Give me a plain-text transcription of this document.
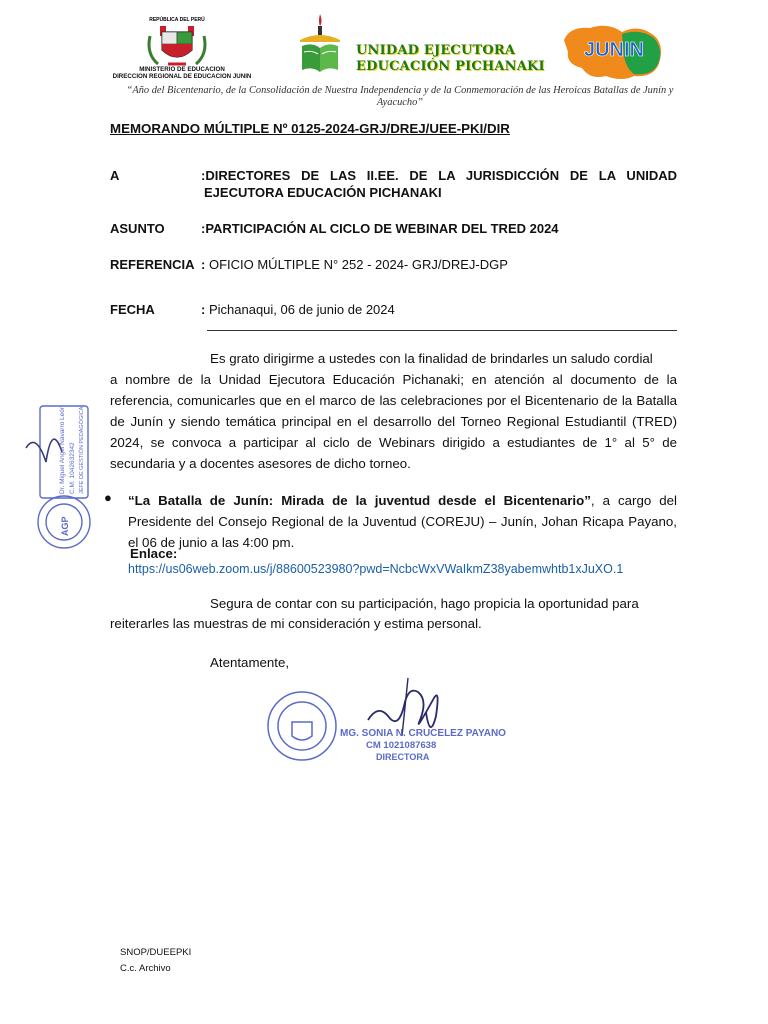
REPÚBLICA DEL PERÚ
MINISTERIO DE EDUCACION
DIRECCION REGIONAL DE EDUCACION JUNIN
UNIDAD EJECUTORA
EDUCACIÓN PICHANAKI
JUNIN
“Año del Bicentenario, de la Consolidación de Nuestra Independencia y de la Conmemoración de las Heroicas Batallas de Junín y Ayacucho”
MEMORANDO MÚLTIPLE Nº 0125-2024-GRJ/DREJ/UEE-PKI/DIR
A	:DIRECTORES DE LAS II.EE. DE LA JURISDICCIÓN DE LA UNIDAD
EJECUTORA EDUCACIÓN PICHANAKI
ASUNTO	:PARTICIPACIÓN AL CICLO DE WEBINAR DEL TRED 2024
REFERENCIA : OFICIO MÚLTIPLE N° 252 - 2024- GRJ/DREJ-DGP
FECHA	: Pichanaqui, 06 de junio de 2024
Es grato dirigirme a ustedes con la finalidad de brindarles un saludo cordial
a nombre de la Unidad Ejecutora Educación Pichanaki; en atención al documento de la referencia, comunicarles que en el marco de las celebraciones por el Bicentenario de la Batalla de Junín y siendo temática principal en el desarrollo del Torneo Regional Estudiantil (TRED) 2024, se convoca a participar al ciclo de Webinars dirigido a estudiantes de 1° al 5° de secundaria y a docentes asesores de dicho torneo.
● “La Batalla de Junín: Mirada de la juventud desde el Bicentenario”, a cargo del Presidente del Consejo Regional de la Juventud (COREJU) – Junín, Johan Ricapa Payano, el 06 de junio a las 4:00 pm.
Enlace:
https://us06web.zoom.us/j/88600523980?pwd=NcbcWxVWaIkmZ38yabemwhtb1xJuXO.1
Segura de contar con su participación, hago propicia la oportunidad para
reiterarles las muestras de mi consideración y estima personal.
Atentamente,
Dr. Miguel Angel Navarro León C.M. 1042632342 JEFE DE GESTIÓN PEDAGÓGICA
AGP
MG. SONIA N. CRUCELEZ PAYANO
CM 1021087638
DIRECTORA
SNOP/DUEEPKI
C.c. Archivo
